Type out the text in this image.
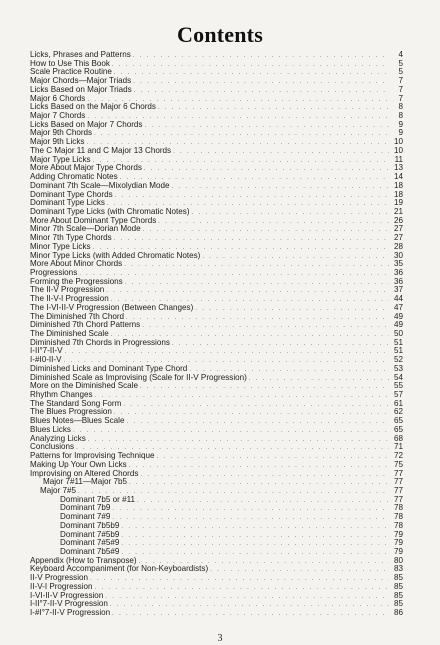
Contents
Licks, Phrases and Patterns . . .	4
How to Use This Book . . .	5
Scale Practice Routine . . .	5
Major Chords—Major Triads . . .	7
Licks Based on Major Triads . . .	7
Major 6 Chords . . .	7
Licks Based on the Major 6 Chords . . .	8
Major 7 Chords . . .	8
Licks Based on Major 7 Chords . . .	9
Major 9th Chords . . .	9
Major 9th Licks . . .	10
The C Major 11 and C Major 13 Chords . . .	10
Major Type Licks . . .	11
More About Major Type Chords . . .	13
Adding Chromatic Notes . . .	14
Dominant 7th Scale—Mixolydian Mode . . .	18
Dominant Type Chords . . .	18
Dominant Type Licks . . .	19
Dominant Type Licks (with Chromatic Notes) . . .	21
More About Dominant Type Chords . . .	26
Minor 7th Scale—Dorian Mode . . .	27
Minor 7th Type Chords . . .	27
Minor Type Licks . . .	28
Minor Type Licks (with Added Chromatic Notes) . . .	30
More About Minor Chords . . .	35
Progressions . . .	36
Forming the Progressions . . .	36
The II-V Progression . . .	37
The II-V-I Progression . . .	44
The I-VI-II-V Progression (Between Changes) . . .	47
The Diminished 7th Chord . . .	49
Diminished 7th Chord Patterns . . .	49
The Diminished Scale . . .	50
Diminished 7th Chords in Progressions . . .	51
I-II°7-II-V . . .	51
I-#I0-II-V . . .	52
Diminished Licks and Dominant Type Chord . . .	53
Diminished Scale as Improvising (Scale for II-V Progression) . . .	54
More on the Diminished Scale . . .	55
Rhythm Changes . . .	57
The Standard Song Form . . .	61
The Blues Progression . . .	62
Blues Notes—Blues Scale . . .	65
Blues Licks . . .	65
Analyzing Licks . . .	68
Conclusions . . .	71
Patterns for Improvising Technique . . .	72
Making Up Your Own Licks . . .	75
Improvising on Altered Chords . . .	77
Major 7#11—Major 7b5 . . .	77
Major 7#5 . . .	77
Dominant 7b5 or #11 . . .	77
Dominant 7b9 . . .	78
Dominant 7#9 . . .	78
Dominant 7b5b9 . . .	78
Dominant 7#5b9 . . .	79
Dominant 7#5#9 . . .	79
Dominant 7b5#9 . . .	79
Appendix (How to Transpose) . . .	80
Keyboard Accompaniment (for Non-Keyboardists) . . .	83
II-V Progression . . .	85
II-V-I Progression . . .	85
I-VI-II-V Progression . . .	85
I-II°7-II-V Progression . . .	85
I-#I°7-II-V Progression . . .	86
3
